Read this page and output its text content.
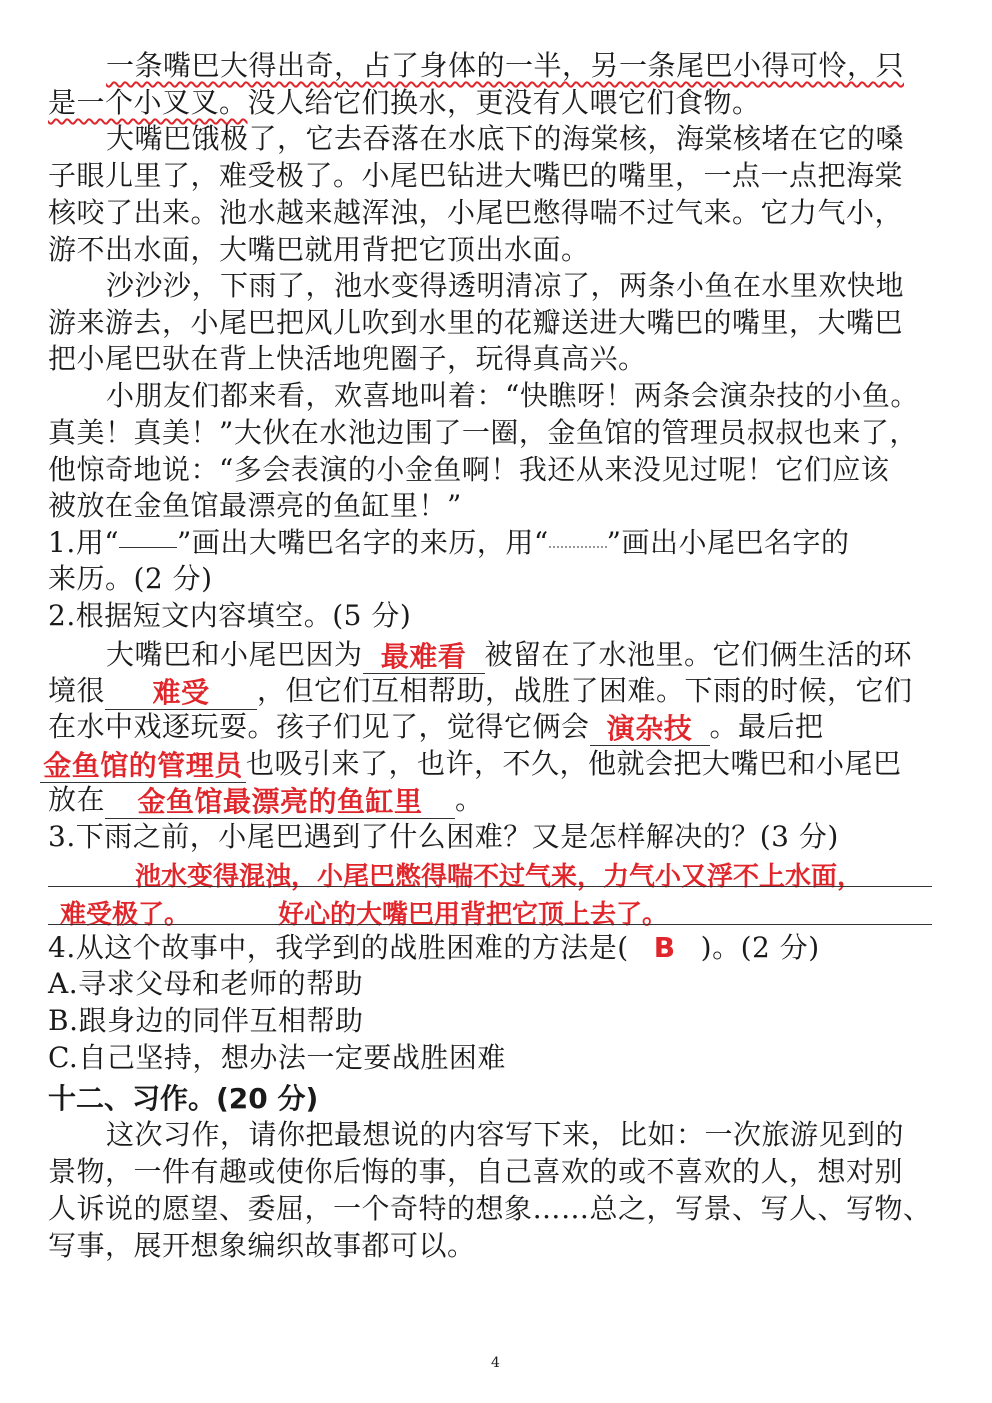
一条嘴巴大得出奇，占了身体的一半，另一条尾巴小得可怜，只
是一个小叉叉。没人给它们换水，更没有人喂它们食物。
大嘴巴饿极了，它去吞落在水底下的海棠核，海棠核堵在它的嗓
子眼儿里了，难受极了。小尾巴钻进大嘴巴的嘴里，一点一点把海棠
核咬了出来。池水越来越浑浊，小尾巴憋得喘不过气来。它力气小，
游不出水面，大嘴巴就用背把它顶出水面。
沙沙沙，下雨了，池水变得透明清凉了，两条小鱼在水里欢快地
游来游去，小尾巴把风儿吹到水里的花瓣送进大嘴巴的嘴里，大嘴巴
把小尾巴驮在背上快活地兜圈子，玩得真高兴。
小朋友们都来看，欢喜地叫着：“快瞧呀！两条会演杂技的小鱼。
真美！真美！”大伙在水池边围了一圈，金鱼馆的管理员叔叔也来了，
他惊奇地说：“多会表演的小金鱼啊！我还从来没见过呢！它们应该
被放在金鱼馆最漂亮的鱼缸里！”
1.用“ ”画出大嘴巴名字的来历，用“ ”画出小尾巴名字的
来历。(2 分)
2.根据短文内容填空。(5 分)
大嘴巴和小尾巴因为 最难看 被留在了水池里。它们俩生活的环
境很 难受 ，但它们互相帮助，战胜了困难。下雨的时候，它们
在水中戏逐玩耍。孩子们见了，觉得它俩会 演杂技 。最后把
金鱼馆的管理员 也吸引来了，也许，不久，他就会把大嘴巴和小尾巴
放在 金鱼馆最漂亮的鱼缸里 。
3.下雨之前，小尾巴遇到了什么困难？又是怎样解决的？(3 分)
池水变得混浊，小尾巴憋得喘不过气来，力气小又浮不上水面，
难受极了。	好心的大嘴巴用背把它顶上去了。
4.从这个故事中，我学到的战胜困难的方法是( B )。(2 分)
A.寻求父母和老师的帮助
B.跟身边的同伴互相帮助
C.自己坚持，想办法一定要战胜困难
十二、习作。(20 分)
这次习作，请你把最想说的内容写下来，比如：一次旅游见到的
景物，一件有趣或使你后悔的事，自己喜欢的或不喜欢的人，想对别
人诉说的愿望、委屈，一个奇特的想象……总之，写景、写人、写物、
写事，展开想象编织故事都可以。
4
